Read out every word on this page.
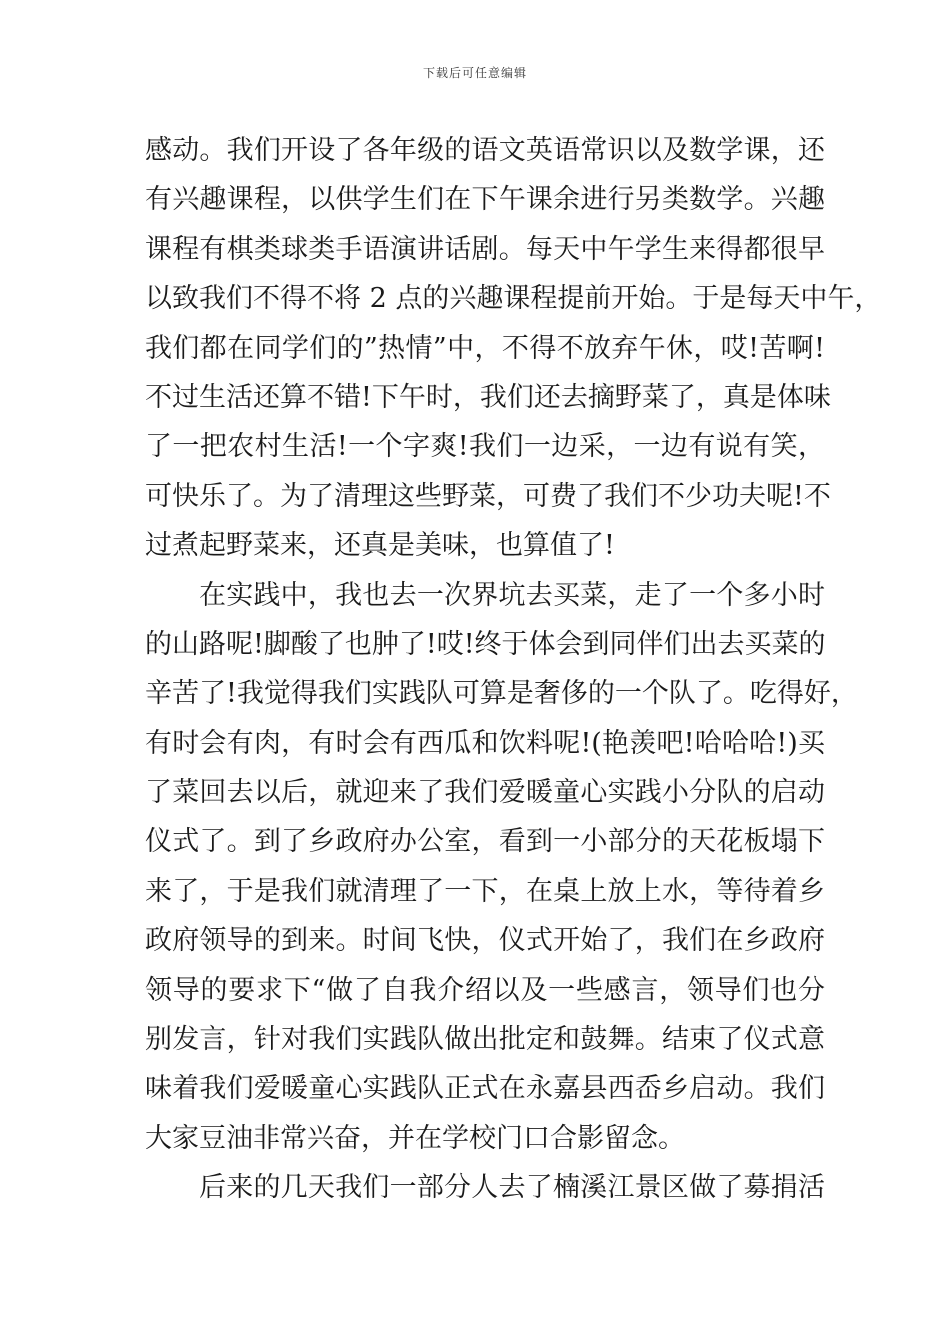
下载后可任意编辑
感动。我们开设了各年级的语文英语常识以及数学课，还
有兴趣课程，以供学生们在下午课余进行另类数学。兴趣
课程有棋类球类手语演讲话剧。每天中午学生来得都很早
以致我们不得不将 2 点的兴趣课程提前开始。于是每天中午，
我们都在同学们的”热情”中，不得不放弃午休，哎!苦啊!
不过生活还算不错!下午时，我们还去摘野菜了，真是体味
了一把农村生活!一个字爽!我们一边采，一边有说有笑，
可快乐了。为了清理这些野菜，可费了我们不少功夫呢!不
过煮起野菜来，还真是美味，也算值了!
在实践中，我也去一次界坑去买菜，走了一个多小时
的山路呢!脚酸了也肿了!哎!终于体会到同伴们出去买菜的
辛苦了!我觉得我们实践队可算是奢侈的一个队了。吃得好，
有时会有肉，有时会有西瓜和饮料呢!(艳羡吧!哈哈哈!)买
了菜回去以后，就迎来了我们爱暖童心实践小分队的启动
仪式了。到了乡政府办公室，看到一小部分的天花板塌下
来了，于是我们就清理了一下，在桌上放上水，等待着乡
政府领导的到来。时间飞快，仪式开始了，我们在乡政府
领导的要求下“做了自我介绍以及一些感言，领导们也分
别发言，针对我们实践队做出批定和鼓舞。结束了仪式意
味着我们爱暖童心实践队正式在永嘉县西岙乡启动。我们
大家豆油非常兴奋，并在学校门口合影留念。
后来的几天我们一部分人去了楠溪江景区做了募捐活
